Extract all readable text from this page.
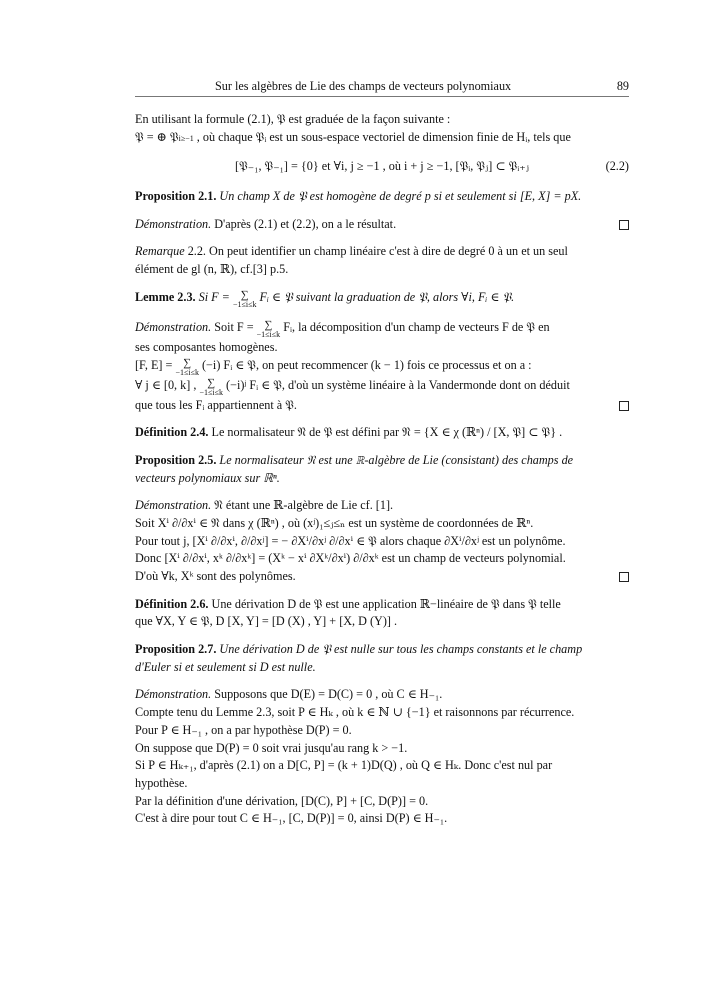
Sur les algèbres de Lie des champs de vecteurs polynomiaux	89

En utilisant la formule (2.1), 𝔓 est graduée de la façon suivante :
𝔓 = ⊕ 𝔓i≥−1 , où chaque 𝔓ᵢ est un sous-espace vectoriel de dimension finie de Hᵢ, tels que

[𝔓₋₁, 𝔓₋₁] = {0} et ∀i, j ≥ −1 , où i + j ≥ −1, [𝔓ᵢ, 𝔓ⱼ] ⊂ 𝔓ᵢ₊ⱼ	(2.2)

Proposition 2.1. Un champ X de 𝔓 est homogène de degré p si et seulement si [E, X] = pX.

Démonstration. D'après (2.1) et (2.2), on a le résultat.

Remarque 2.2. On peut identifier un champ linéaire c'est à dire de degré 0 à un et un seul
élément de gl (n, ℝ), cf.[3] p.5.

Lemme 2.3. Si F = ∑
−1≤i≤k
Fᵢ ∈ 𝔓 suivant la graduation de 𝔓, alors ∀i, Fᵢ ∈ 𝔓.

Démonstration. Soit F = ∑
−1≤i≤k
Fᵢ, la décomposition d'un champ de vecteurs F de 𝔓 en
ses composantes homogènes.
[F, E] = ∑
−1≤i≤k
(−i) Fᵢ ∈ 𝔓, on peut recommencer (k − 1) fois ce processus et on a :
∀ j ∈ [0, k] , ∑
−1≤i≤k
(−i)ʲ Fᵢ ∈ 𝔓, d'où un système linéaire à la Vandermonde dont on déduit
que tous les Fᵢ appartiennent à 𝔓.

Définition 2.4. Le normalisateur 𝔑 de 𝔓 est défini par 𝔑 = {X ∈ χ (ℝⁿ) / [X, 𝔓] ⊂ 𝔓} .

Proposition 2.5. Le normalisateur 𝔑 est une ℝ-algèbre de Lie (consistant) des champs de
vecteurs polynomiaux sur ℝⁿ.

Démonstration. 𝔑 étant une ℝ-algèbre de Lie cf. [1].
Soit Xⁱ ∂/∂xⁱ ∈ 𝔑 dans χ (ℝⁿ) , où (xʲ)₁≤ⱼ≤ₙ est un système de coordonnées de ℝⁿ.
Pour tout j, [Xⁱ ∂/∂xⁱ, ∂/∂xʲ] = − ∂Xⁱ/∂xʲ ∂/∂xⁱ ∈ 𝔓 alors chaque ∂Xⁱ/∂xʲ est un polynôme.
Donc [Xⁱ ∂/∂xⁱ, xᵏ ∂/∂xᵏ] = (Xᵏ − xⁱ ∂Xᵏ/∂xⁱ) ∂/∂xᵏ est un champ de vecteurs polynomial.
D'où ∀k, Xᵏ sont des polynômes.

Définition 2.6. Une dérivation D de 𝔓 est une application ℝ−linéaire de 𝔓 dans 𝔓 telle
que ∀X, Y ∈ 𝔓, D [X, Y] = [D (X) , Y] + [X, D (Y)] .

Proposition 2.7. Une dérivation D de 𝔓 est nulle sur tous les champs constants et le champ
d'Euler si et seulement si D est nulle.

Démonstration. Supposons que D(E) = D(C) = 0 , où C ∈ H₋₁.
Compte tenu du Lemme 2.3, soit P ∈ Hₖ , où k ∈ ℕ ∪ {−1} et raisonnons par récurrence.
Pour P ∈ H₋₁ , on a par hypothèse D(P) = 0.
On suppose que D(P) = 0 soit vrai jusqu'au rang k > −1.
Si P ∈ Hₖ₊₁, d'après (2.1) on a D[C, P] = (k + 1)D(Q) , où Q ∈ Hₖ. Donc c'est nul par
hypothèse.
Par la définition d'une dérivation, [D(C), P] + [C, D(P)] = 0.
C'est à dire pour tout C ∈ H₋₁, [C, D(P)] = 0, ainsi D(P) ∈ H₋₁.
